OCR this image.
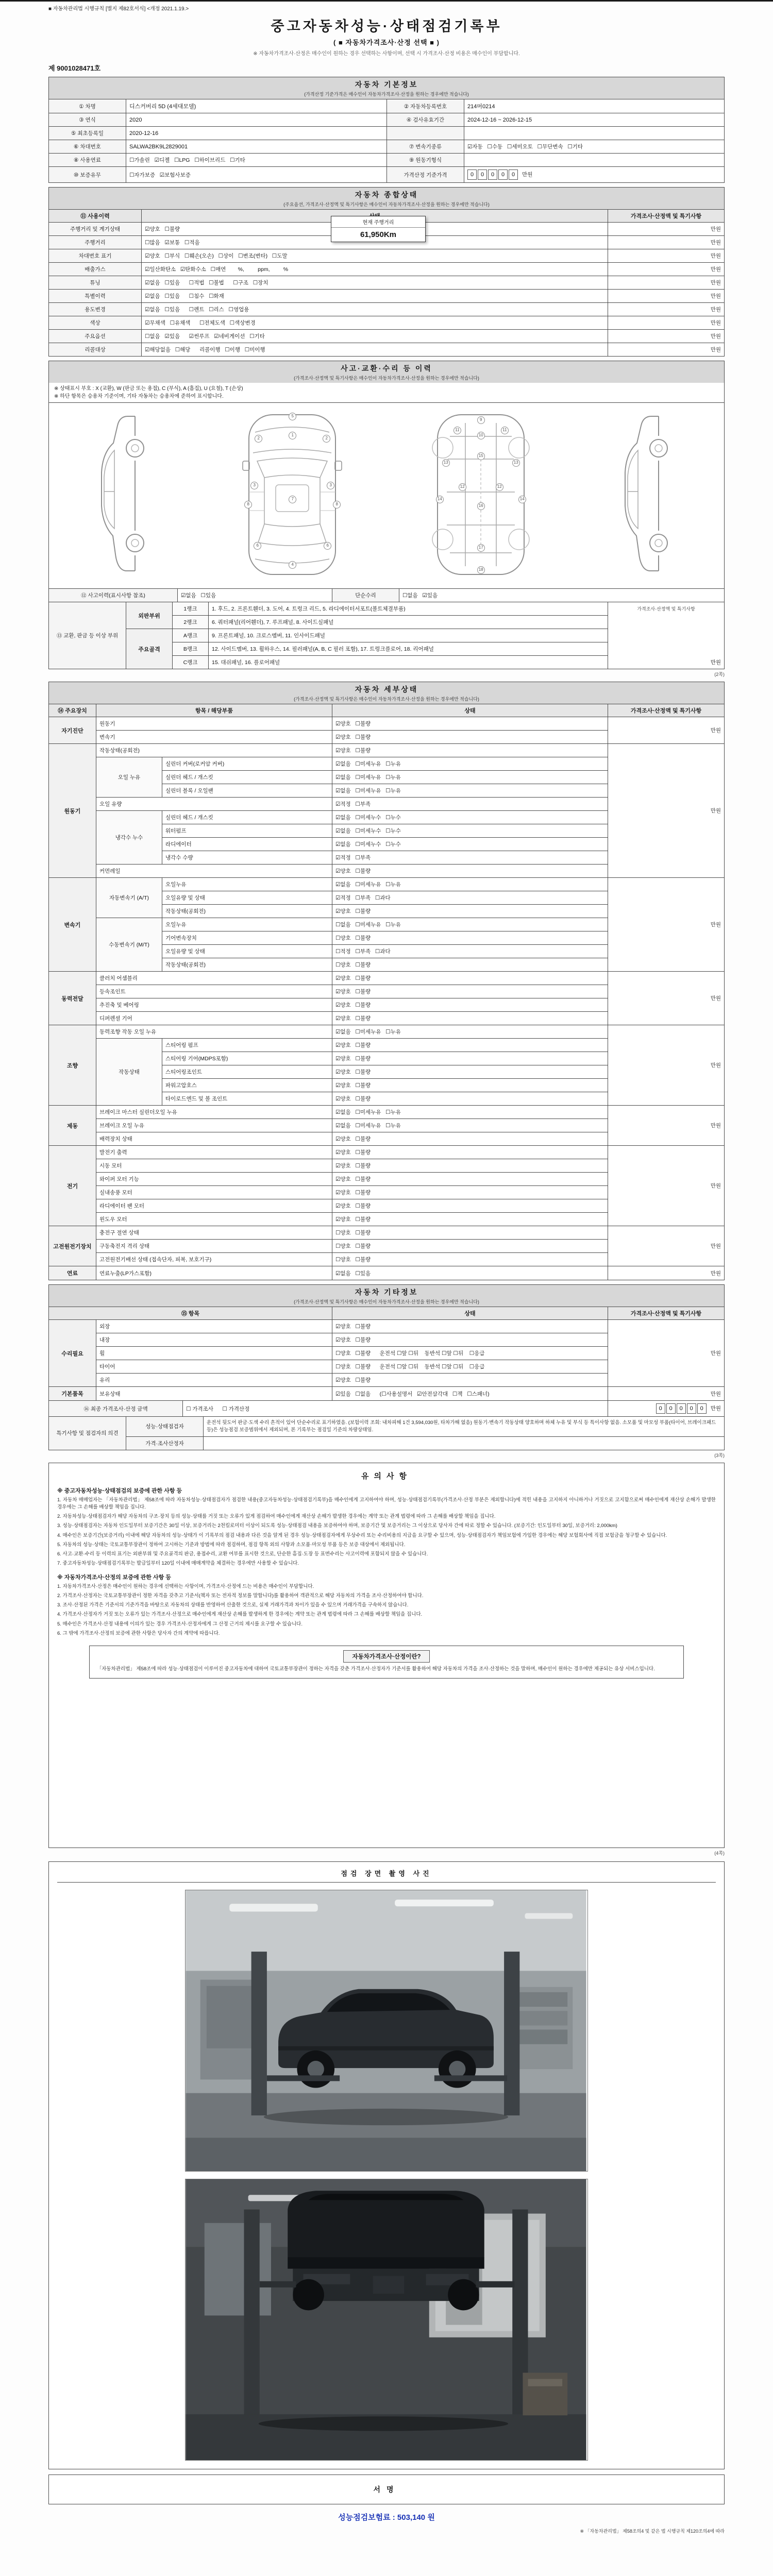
■ 자동차관리법 시행규칙 [별지 제82호서식] <개정 2021.1.19.>
중고자동차성능·상태점검기록부
( ■ 자동차가격조사·산정 선택 ■ )
※ 자동차가격조사·산정은 매수인이 원하는 경우 선택하는 사항이며, 선택 시 가격조사·산정 비용은 매수인이 부담합니다.
제 9001028471호
자동차 기본정보
(가격산정 기준가격은 매수인이 자동차가격조사·산정을 원하는 경우에만 적습니다)
① 차명	디스커버리 5D (4세대모델)	② 자동차등록번호	214머0214
③ 연식	2020	④ 검사유효기간	2024-12-16 ~ 2026-12-15
⑤ 최초등록일	2020-12-16		
⑥ 차대번호	SALWA2BK9L2829001	⑦ 변속기종류	☑자동   ☐수동   ☐세미오토   ☐무단변속   ☐기타
⑧ 사용연료	☐가솔린   ☑디젤   ☐LPG   ☐하이브리드   ☐기타	⑨ 원동기형식	
⑩ 보증유무	☐자가보증   ☑보험사보증	가격산정 기준가격	0	0	0	0	0	만원
자동차 종합상태
(주요옵션, 가격조사·산정액 및 특기사항은 매수인이 자동차가격조사·산정을 원하는 경우에만 적습니다)
⑪ 사용이력		가격조사·산정액 및 특기사항
주행거리 및 계기상태	☑양호   ☐불량	만원
주행거리	☐많음   ☑보통   ☐적음	만원
차대번호 표기	☑양호   ☐부식   ☐훼손(오손)   ☐상이   ☐변조(변타)   ☐도말	만원
배출가스	☑일산화탄소   ☑탄화수소   ☐매연        %,         ppm,         %	만원
튜닝	☑없음   ☐있음      ☐적법   ☐불법      ☐구조   ☐장치	만원
특별이력	☑없음   ☐있음      ☐침수   ☐화재	만원
용도변경	☑없음   ☐있음      ☐렌트   ☐리스   ☐영업용	만원
색상	☑무채색   ☐유채색      ☐전체도색   ☐색상변경	만원
주요옵션	☐없음   ☑있음      ☑썬루프   ☑네비게이션   ☐기타	만원
리콜대상	☑해당없음   ☐해당      리콜이행   ☐이행   ☐미이행	만원
현재 주행거리
61,950Km
사고·교환·수리 등 이력
(가격조사·산정액 및 특기사항은 매수인이 자동차가격조사·산정을 원하는 경우에만 적습니다)
※ 상태표시 부호 : X (교환), W (판금 또는 용접), C (부식), A (흠집), U (요철), T (손상)
※ 하단 항목은 승용차 기준이며, 기타 자동차는 승용차에 준하여 표시합니다.
5
1
2	2
3	3
7
8	8
6	6
4
9
10
11	11
15
13	13
12	12
14	14
16
17
18
⑫ 사고이력(표시사항 참조)	☑없음   ☐있음	단순수리	☐없음   ☑있음
⑬ 교환, 판금 등 이상 부위	외판부위	1랭크	1. 후드, 2. 프론트휀더, 3. 도어, 4. 트렁크 리드, 5. 라디에이터서포트(볼트체결부품)	가격조사·산정액 및 특기사항
만원

		2랭크	6. 쿼터패널(리어휀더), 7. 루프패널, 8. 사이드실패널	
	주요골격	A랭크	9. 프론트패널, 10. 크로스멤버, 11. 인사이드패널	
		B랭크	12. 사이드멤버, 13. 휠하우스, 14. 필러패널(A, B, C 필러 포함), 17. 트렁크플로어, 18. 리어패널	
		C랭크	15. 대쉬패널, 16. 플로어패널	
(2쪽)
자동차 세부상태
(가격조사·산정액 및 특기사항은 매수인이 자동차가격조사·산정을 원하는 경우에만 적습니다)
⑭ 주요장치	항목 / 해당부품		상태	가격조사·산정액 및 특기사항
자기진단	원동기		☑양호   ☐불량	만원
	변속기		☑양호   ☐불량	
원동기	작동상태(공회전)		☑양호   ☐불량	만원
	오일 누유	실린더 커버(로커암 커버)	☑없음   ☐미세누유   ☐누유	
		실린더 헤드 / 개스킷	☑없음   ☐미세누유   ☐누유	
		실린더 블록 / 오일팬	☑없음   ☐미세누유   ☐누유	
	오일 유량		☑적정   ☐부족	
	냉각수 누수	실린더 헤드 / 개스킷	☑없음   ☐미세누수   ☐누수	
		워터펌프	☑없음   ☐미세누수   ☐누수	
		라디에이터	☑없음   ☐미세누수   ☐누수	
		냉각수 수량	☑적정   ☐부족	
	커먼레일		☑양호   ☐불량	
변속기	자동변속기 (A/T)	오일누유	☑없음   ☐미세누유   ☐누유	만원
		오일유량 및 상태	☑적정   ☐부족   ☐과다	
		작동상태(공회전)	☑양호   ☐불량	
	수동변속기 (M/T)	오일누유	☐없음   ☐미세누유   ☐누유	
		기어변속장치	☐양호   ☐불량	
		오일유량 및 상태	☐적정   ☐부족   ☐과다	
		작동상태(공회전)	☐양호   ☐불량	
동력전달	클러치 어셈블리		☑양호   ☐불량	만원
	등속조인트		☑양호   ☐불량	
	추진축 및 베어링		☑양호   ☐불량	
	디퍼렌셜 기어		☑양호   ☐불량	
조향	동력조향 작동 오일 누유		☑없음   ☐미세누유   ☐누유	만원
	작동상태	스티어링 펌프	☑양호   ☐불량	
		스티어링 기어(MDPS포함)	☑양호   ☐불량	
		스티어링조인트	☑양호   ☐불량	
		파워고압호스	☑양호   ☐불량	
		타이로드엔드 및 볼 조인트	☑양호   ☐불량	
제동	브레이크 마스터 실린더오일 누유		☑없음   ☐미세누유   ☐누유	만원
	브레이크 오일 누유		☑없음   ☐미세누유   ☐누유	
	배력장치 상태		☑양호   ☐불량	
전기	발전기 출력		☑양호   ☐불량	만원
	시동 모터		☑양호   ☐불량	
	와이퍼 모터 기능		☑양호   ☐불량	
	실내송풍 모터		☑양호   ☐불량	
	라디에이터 팬 모터		☑양호   ☐불량	
	윈도우 모터		☑양호   ☐불량	
고전원전기장치	충전구 절연 상태		☐양호   ☐불량	만원
	구동축전지 격리 상태		☐양호   ☐불량	
	고전원전기배선 상태 (접속단자, 피복, 보호기구)		☐양호   ☐불량	
연료	연료누출(LP가스포함)		☑없음   ☐있음	만원
자동차 기타정보
(가격조사·산정액 및 특기사항은 매수인이 자동차가격조사·산정을 원하는 경우에만 적습니다)
⑮ 항목		상태	가격조사·산정액 및 특기사항
수리필요	외장	☑양호   ☐불량	만원
	내장	☑양호   ☐불량	
	휠	☐양호   ☐불량      운전석 ☐앞 ☐뒤    동반석 ☐앞 ☐뒤    ☐응급	
	타이어	☐양호   ☐불량      운전석 ☐앞 ☐뒤    동반석 ☐앞 ☐뒤    ☐응급	
	유리	☑양호   ☐불량	
기본품목	보유상태	☑있음   ☐없음      (☐사용설명서   ☑안전삼각대   ☐잭   ☐스패너)	만원
⑯ 최종 가격조사·산정 금액	☐ 가격조사      ☐ 가격산정	0	0	0	0	0	만원
특기사항 및 점검자의 의견	성능·상태점검자	운전석 뒷도어 판금·도색 수리 흔적이 있어 단순수리로 표기하였음. (보험이력 조회: 내차피해 1건 3,594,030원, 타차가해 없음) 원동기·변속기 작동상태 양호하며 하체 누유 및 부식 등 특이사항 없음. 소모품 및 마모성 부품(타이어, 브레이크패드 등)은 성능점검 보증범위에서 제외되며, 본 기록부는 점검일 기준의 차량상태임.
	가격·조사산정자	
(3쪽)
유의사항
※ 중고자동차성능·상태점검의 보증에 관한 사항 등

1. 자동차 매매업자는 「자동차관리법」 제58조에 따라 자동차성능·상태점검자가 점검한 내용(중고자동차성능·상태점검기록부)을 매수인에게 고지하여야 하며, 성능·상태점검기록부(가격조사·산정 부분은 제외합니다)에 적힌 내용을 고지하지 아니하거나 거짓으로 고지함으로써 매수인에게 재산상 손해가 발생한 경우에는 그 손해를 배상할 책임을 집니다.

2. 자동차성능·상태점검자가 해당 자동차의 구조·장치 등의 성능·상태를 거짓 또는 오류가 있게 점검하여 매수인에게 재산상 손해가 발생한 경우에는 계약 또는 관계 법령에 따라 그 손해를 배상할 책임을 집니다.

3. 성능·상태점검자는 자동차 인도일부터 보증기간은 30일 이상, 보증거리는 2천킬로미터 이상이 되도록 성능·상태점검 내용을 보증하여야 하며, 보증기간 및 보증거리는 그 이상으로 당사자 간에 따로 정할 수 있습니다. (보증기간: 인도일부터 30일, 보증거리: 2,000km)

4. 매수인은 보증기간(보증거리) 이내에 해당 자동차의 성능·상태가 이 기록부의 점검 내용과 다른 것을 알게 된 경우 성능·상태점검자에게 무상수리 또는 수리비용의 지급을 요구할 수 있으며, 성능·상태점검자가 책임보험에 가입한 경우에는 해당 보험회사에 직접 보험금을 청구할 수 있습니다.

5. 자동차의 성능·상태는 국토교통부장관이 정하여 고시하는 기준과 방법에 따라 점검하며, 점검 항목 외의 사항과 소모품·마모성 부품 등은 보증 대상에서 제외됩니다.

6. 사고·교환·수리 등 이력의 표기는 외판부위 및 주요골격의 판금, 용접수리, 교환 여부를 표시한 것으로, 단순한 흠집·도장 등 표면수리는 사고이력에 포함되지 않을 수 있습니다.

7. 중고자동차성능·상태점검기록부는 발급일부터 120일 이내에 매매계약을 체결하는 경우에만 사용할 수 있습니다.

※ 자동차가격조사·산정의 보증에 관한 사항 등

1. 자동차가격조사·산정은 매수인이 원하는 경우에 선택하는 사항이며, 가격조사·산정에 드는 비용은 매수인이 부담합니다.

2. 가격조사·산정자는 국토교통부장관이 정한 자격을 갖추고 기준서(책자 또는 전자적 정보를 말합니다)를 활용하여 객관적으로 해당 자동차의 가격을 조사·산정하여야 합니다.

3. 조사·산정된 가격은 기준서의 기준가격을 바탕으로 자동차의 상태를 반영하여 산출한 것으로, 실제 거래가격과 차이가 있을 수 있으며 거래가격을 구속하지 않습니다.

4. 가격조사·산정자가 거짓 또는 오류가 있는 가격조사·산정으로 매수인에게 재산상 손해를 발생하게 한 경우에는 계약 또는 관계 법령에 따라 그 손해를 배상할 책임을 집니다.

5. 매수인은 가격조사·산정 내용에 이의가 있는 경우 가격조사·산정자에게 그 산정 근거의 제시를 요구할 수 있습니다.

6. 그 밖에 가격조사·산정의 보증에 관한 사항은 당사자 간의 계약에 따릅니다.

자동차가격조사·산정이란?
「자동차관리법」 제58조에 따라 성능·상태점검이 이루어진 중고자동차에 대하여 국토교통부장관이 정하는 자격을 갖춘 가격조사·산정자가 기준서를 활용하여 해당 자동차의 가격을 조사·산정하는 것을 말하며, 매수인이 원하는 경우에만 제공되는 유상 서비스입니다.
(4쪽)
점검 장면 촬영 사진
서명
성능점검보험료 : 503,140 원
※ 「자동차관리법」 제58조의4 및 같은 법 시행규칙 제120조의4에 따라
